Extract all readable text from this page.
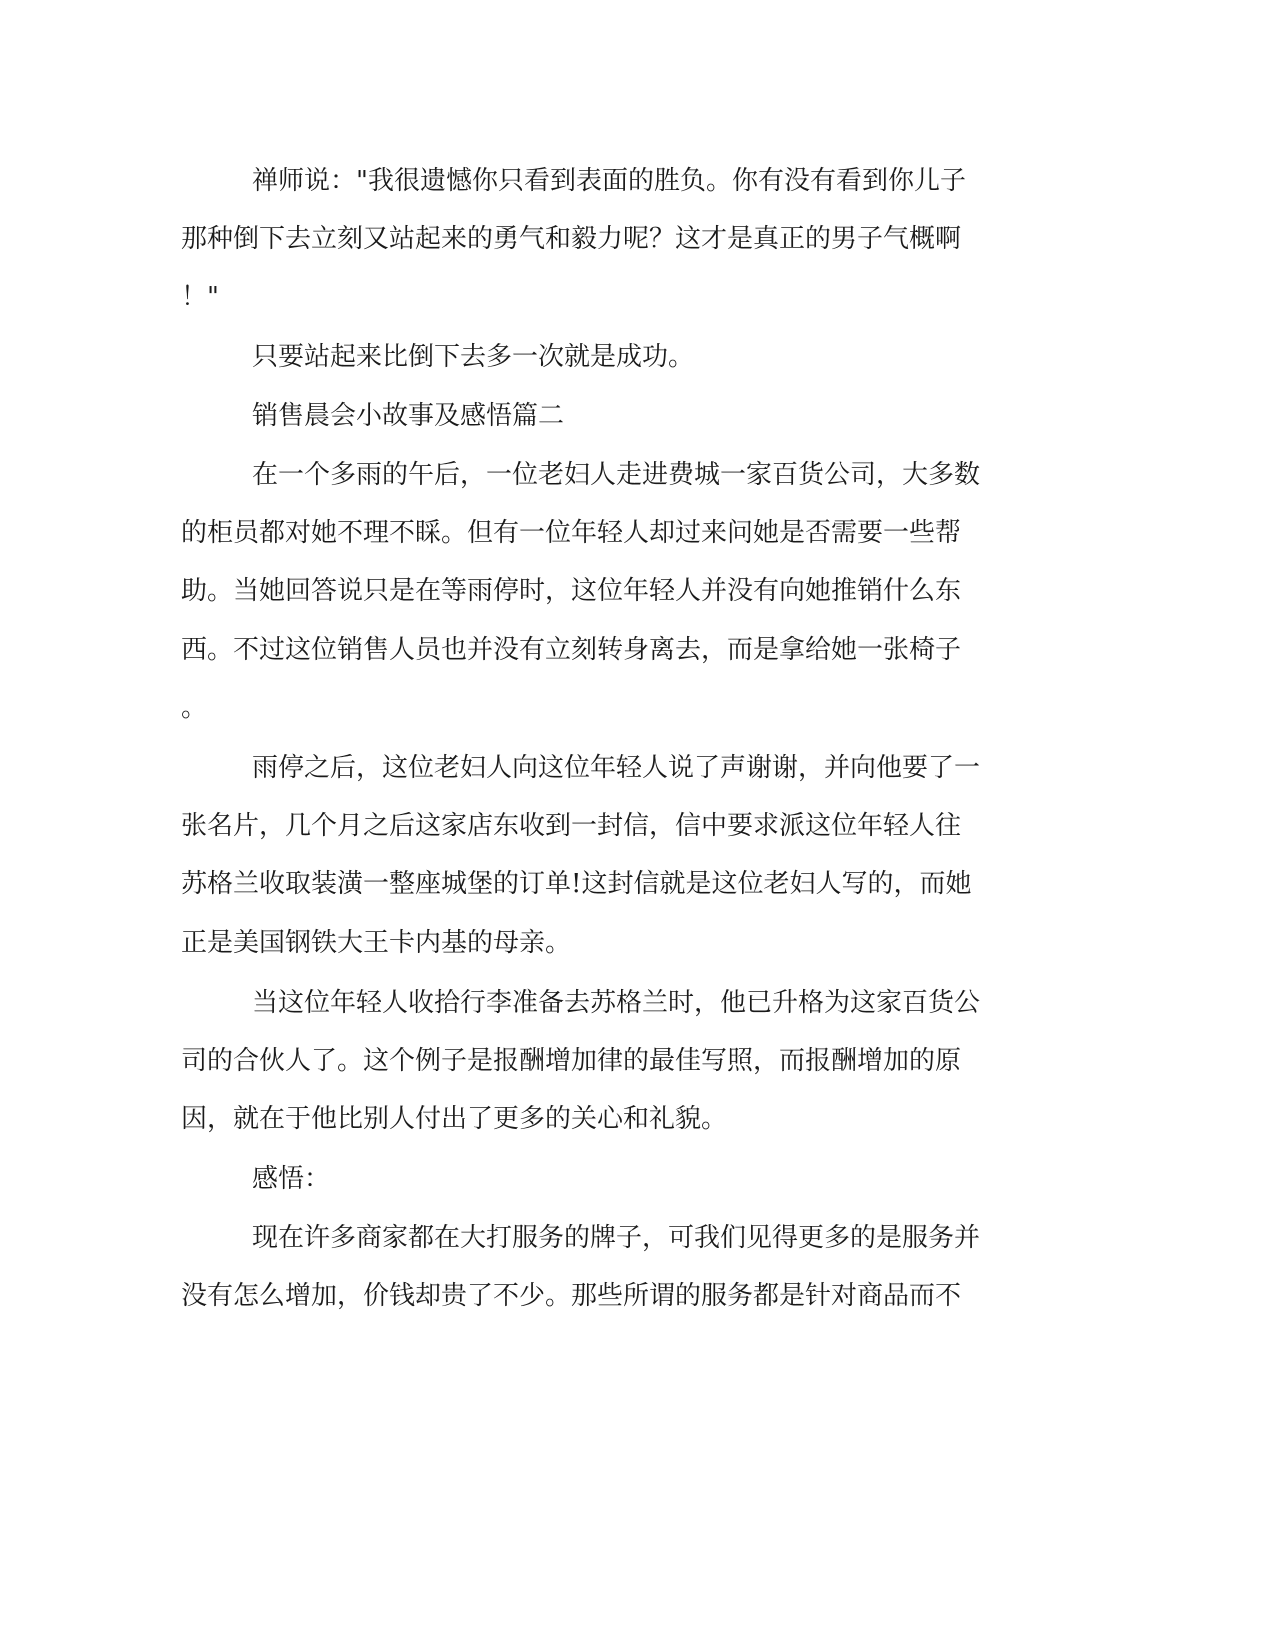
禅师说："我很遗憾你只看到表面的胜负。你有没有看到你儿子
那种倒下去立刻又站起来的勇气和毅力呢？这才是真正的男子气概啊
！"
只要站起来比倒下去多一次就是成功。
销售晨会小故事及感悟篇二
在一个多雨的午后，一位老妇人走进费城一家百货公司，大多数
的柜员都对她不理不睬。但有一位年轻人却过来问她是否需要一些帮
助。当她回答说只是在等雨停时，这位年轻人并没有向她推销什么东
西。不过这位销售人员也并没有立刻转身离去，而是拿给她一张椅子
。
雨停之后，这位老妇人向这位年轻人说了声谢谢，并向他要了一
张名片，几个月之后这家店东收到一封信，信中要求派这位年轻人往
苏格兰收取装潢一整座城堡的订单!这封信就是这位老妇人写的，而她
正是美国钢铁大王卡内基的母亲。
当这位年轻人收拾行李准备去苏格兰时，他已升格为这家百货公
司的合伙人了。这个例子是报酬增加律的最佳写照，而报酬增加的原
因，就在于他比别人付出了更多的关心和礼貌。
感悟：
现在许多商家都在大打服务的牌子，可我们见得更多的是服务并
没有怎么增加，价钱却贵了不少。那些所谓的服务都是针对商品而不
